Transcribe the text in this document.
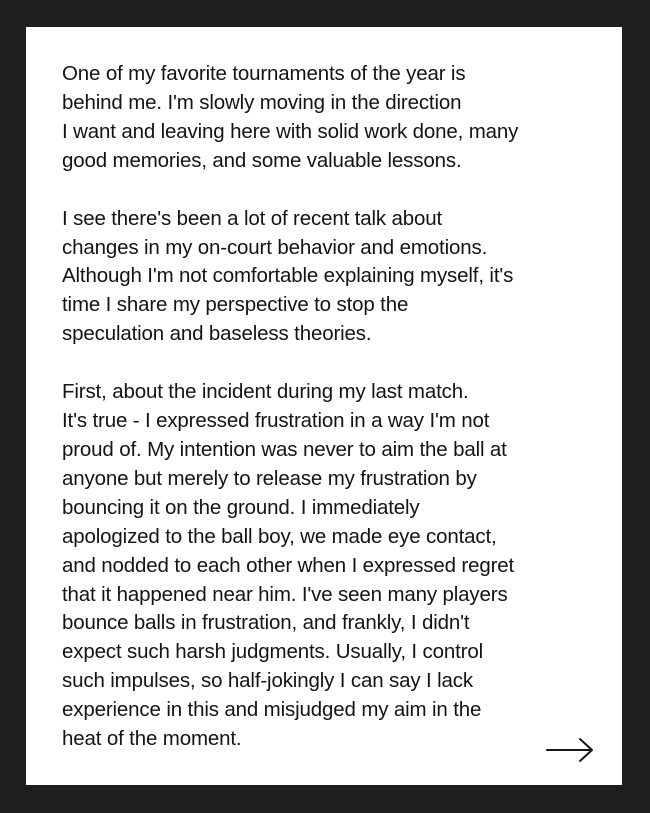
One of my favorite tournaments of the year is
behind me. I'm slowly moving in the direction
I want and leaving here with solid work done, many
good memories, and some valuable lessons.

I see there's been a lot of recent talk about
changes in my on-court behavior and emotions.
Although I'm not comfortable explaining myself, it's
time I share my perspective to stop the
speculation and baseless theories.

First, about the incident during my last match.
It's true - I expressed frustration in a way I'm not
proud of. My intention was never to aim the ball at
anyone but merely to release my frustration by
bouncing it on the ground. I immediately
apologized to the ball boy, we made eye contact,
and nodded to each other when I expressed regret
that it happened near him. I've seen many players
bounce balls in frustration, and frankly, I didn't
expect such harsh judgments. Usually, I control
such impulses, so half-jokingly I can say I lack
experience in this and misjudged my aim in the
heat of the moment.
